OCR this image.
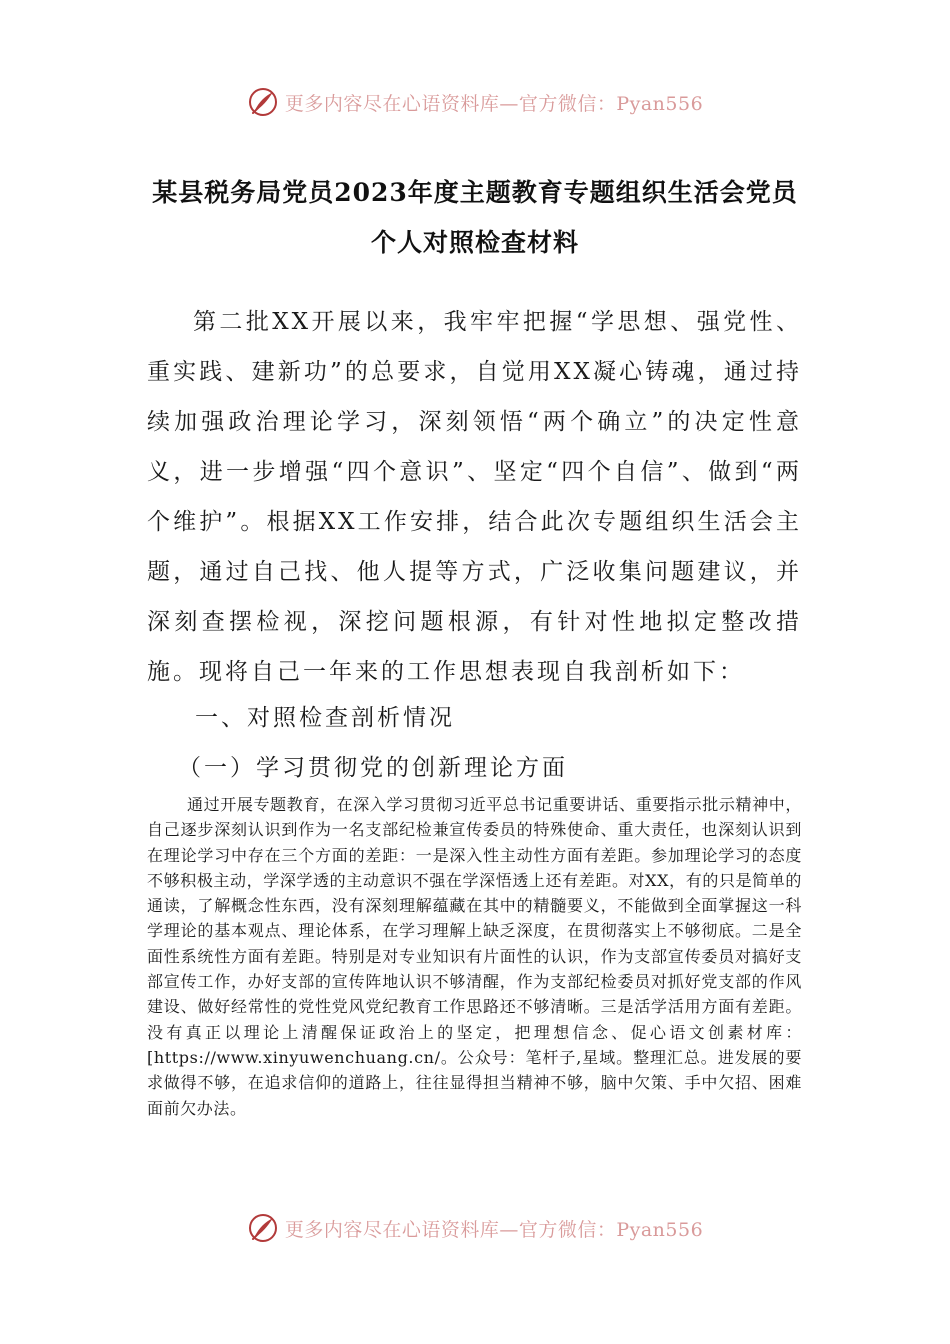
更多内容尽在心语资料库—官方微信：Pyan556
某县税务局党员2023年度主题教育专题组织生活会党员个人对照检查材料

第二批XX开展以来，我牢牢把握“学思想、强党性、重实践、建新功”的总要求，自觉用XX凝心铸魂，通过持续加强政治理论学习，深刻领悟“两个确立”的决定性意义，进一步增强“四个意识”、坚定“四个自信”、做到“两个维护”。根据XX工作安排，结合此次专题组织生活会主题，通过自己找、他人提等方式，广泛收集问题建议，并深刻查摆检视，深挖问题根源，有针对性地拟定整改措施。现将自己一年来的工作思想表现自我剖析如下：

一、对照检查剖析情况
（一）学习贯彻党的创新理论方面

通过开展专题教育，在深入学习贯彻习近平总书记重要讲话、重要指示批示精神中，自己逐步深刻认识到作为一名支部纪检兼宣传委员的特殊使命、重大责任，也深刻认识到在理论学习中存在三个方面的差距：一是深入性主动性方面有差距。参加理论学习的态度不够积极主动，学深学透的主动意识不强在学深悟透上还有差距。对XX，有的只是简单的通读，了解概念性东西，没有深刻理解蕴藏在其中的精髓要义，不能做到全面掌握这一科学理论的基本观点、理论体系，在学习理解上缺乏深度，在贯彻落实上不够彻底。二是全面性系统性方面有差距。特别是对专业知识有片面性的认识，作为支部宣传委员对搞好支部宣传工作，办好支部的宣传阵地认识不够清醒，作为支部纪检委员对抓好党支部的作风建设、做好经常性的党性党风党纪教育工作思路还不够清晰。三是活学活用方面有差距。没有真正以理论上清醒保证政治上的坚定，把理想信念、促心语文创素材库：[https://www.xinyuwenchuang.cn/。公众号：笔杆子,星域。整理汇总。进发展的要求做得不够，在追求信仰的道路上，往往显得担当精神不够，脑中欠策、手中欠招、困难面前欠办法。

更多内容尽在心语资料库—官方微信：Pyan556
